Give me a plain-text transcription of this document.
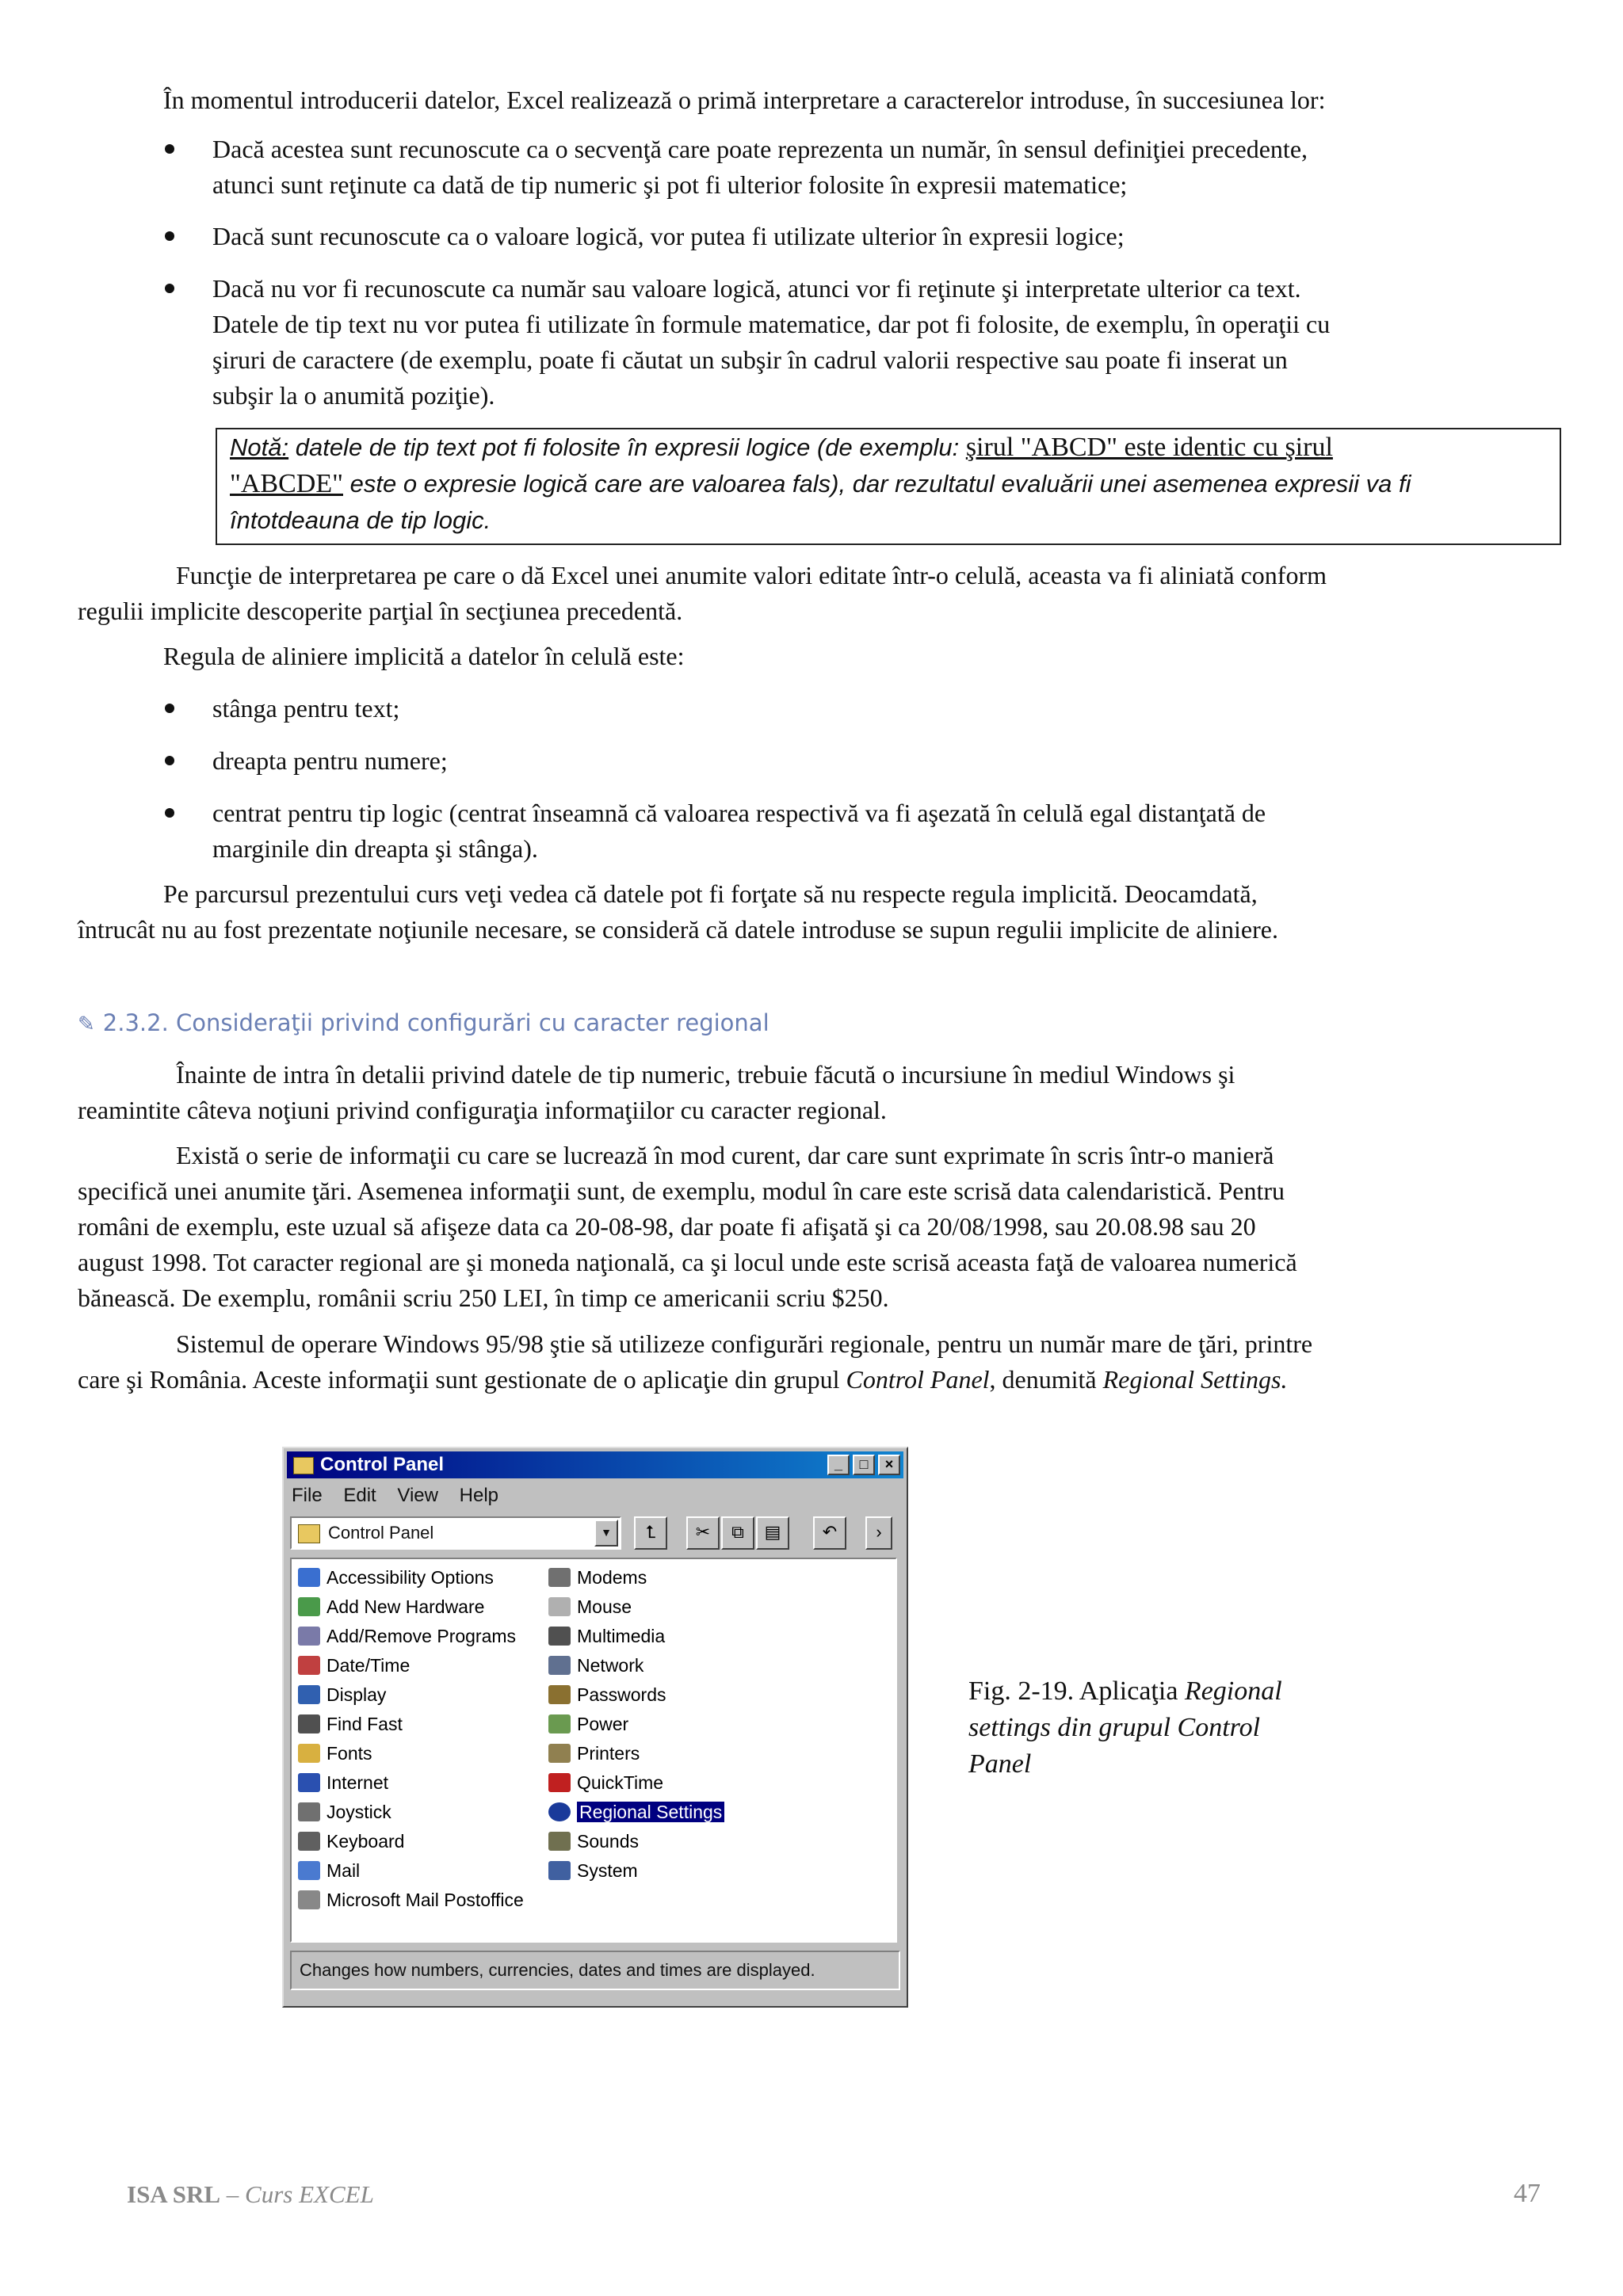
În momentul introducerii datelor, Excel realizează o primă interpretare a caracterelor introduse, în succesiunea lor:
Dacă acestea sunt recunoscute ca o secvenţă care poate reprezenta un număr, în sensul definiţiei precedente,
atunci sunt reţinute ca dată de tip numeric şi pot fi ulterior folosite în expresii matematice;
Dacă sunt recunoscute ca o valoare logică, vor putea fi utilizate ulterior în expresii logice;
Dacă nu vor fi recunoscute ca număr sau valoare logică, atunci vor fi reţinute şi interpretate ulterior ca text.
Datele de tip text nu vor putea fi utilizate în formule matematice, dar pot fi folosite, de exemplu, în operaţii cu
şiruri de caractere (de exemplu, poate fi căutat un subşir în cadrul valorii respective sau poate fi inserat un
subşir la o anumită poziţie).
Notă: datele de tip text pot fi folosite în expresii logice (de exemplu: şirul "ABCD" este identic cu şirul
"ABCDE" este o expresie logică care are valoarea fals), dar rezultatul evaluării unei asemenea expresii va fi
întotdeauna de tip logic.
Funcţie de interpretarea pe care o dă Excel unei anumite valori editate într-o celulă, aceasta va fi aliniată conform
regulii implicite descoperite parţial în secţiunea precedentă.
Regula de aliniere implicită a datelor în celulă este:
stânga pentru text;
dreapta pentru numere;
centrat pentru tip logic (centrat înseamnă că valoarea respectivă va fi aşezată în celulă egal distanţată de
marginile din dreapta şi stânga).
Pe parcursul prezentului curs veţi vedea că datele pot fi forţate să nu respecte regula implicită. Deocamdată,
întrucât nu au fost prezentate noţiunile necesare, se consideră că datele introduse se supun regulii implicite de aliniere.
✎ 2.3.2. Consideraţii privind configurări cu caracter regional
Înainte de intra în detalii privind datele de tip numeric, trebuie făcută o incursiune în mediul Windows şi
reamintite câteva noţiuni privind configuraţia informaţiilor cu caracter regional.
Există o serie de informaţii cu care se lucrează în mod curent, dar care sunt exprimate în scris într-o manieră
specifică unei anumite ţări. Asemenea informaţii sunt, de exemplu, modul în care este scrisă data calendaristică. Pentru
români de exemplu, este uzual să afişeze data ca 20-08-98, dar poate fi afişată şi ca 20/08/1998, sau 20.08.98 sau 20
august 1998. Tot caracter regional are şi moneda naţională, ca şi locul unde este scrisă aceasta faţă de valoarea numerică
bănească. De exemplu, românii scriu 250 LEI, în timp ce americanii scriu $250.
Sistemul de operare Windows 95/98 ştie să utilizeze configurări regionale, pentru un număr mare de ţări, printre
care şi România. Aceste informaţii sunt gestionate de o aplicaţie din grupul Control Panel, denumită Regional Settings.
Control Panel	_	□	×
File Edit View Help
Control Panel	▼	⮤	✂	⧉	▤	↶	›
Accessibility Options
Add New Hardware
Add/Remove Programs
Date/Time
Display
Find Fast
Fonts
Internet
Joystick
Keyboard
Mail
Microsoft Mail Postoffice
Modems
Mouse
Multimedia
Network
Passwords
Power
Printers
QuickTime
Regional Settings
Sounds
System
Changes how numbers, currencies, dates and times are displayed.
Fig. 2-19. Aplicaţia Regional
settings din grupul Control
Panel
ISA SRL – Curs EXCEL	47
